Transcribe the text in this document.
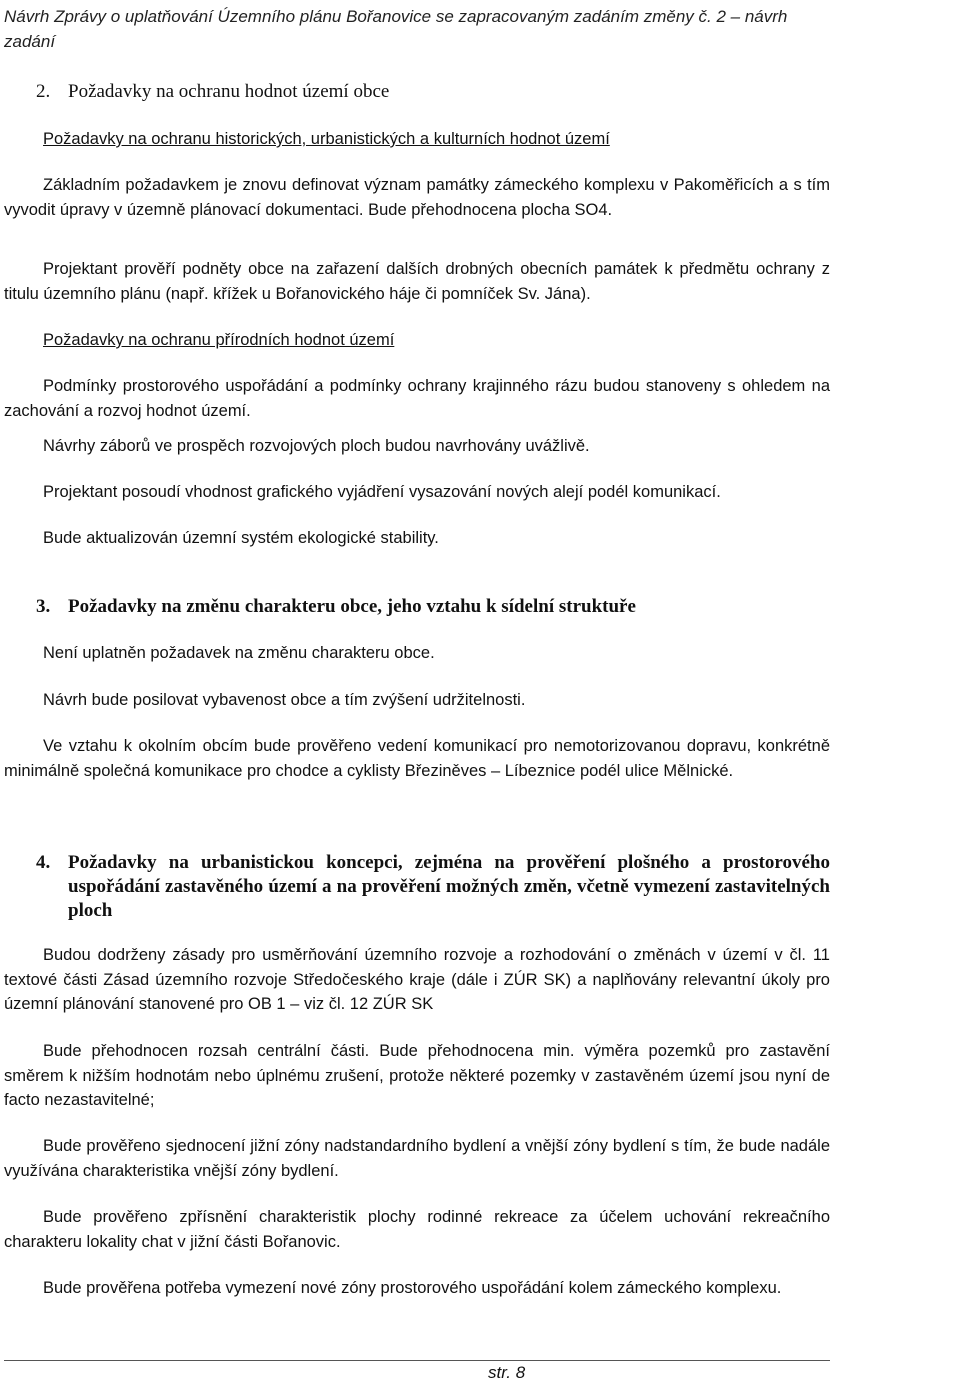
Návrh Zprávy o uplatňování Územního plánu Bořanovice se zapracovaným zadáním změny č. 2 – návrh zadání
2. Požadavky na ochranu hodnot území obce
Požadavky na ochranu historických, urbanistických a kulturních hodnot území
Základním požadavkem je znovu definovat význam památky zámeckého komplexu v Pakoměřicích a s tím vyvodit úpravy v územně plánovací dokumentaci. Bude přehodnocena plocha SO4.
Projektant prověří podněty obce na zařazení dalších drobných obecních památek k předmětu ochrany z titulu územního plánu (např. křížek u Bořanovického háje či pomníček Sv. Jána).
Požadavky na ochranu přírodních hodnot území
Podmínky prostorového uspořádání a podmínky ochrany krajinného rázu budou stanoveny s ohledem na zachování a rozvoj hodnot území.
Návrhy záborů ve prospěch rozvojových ploch budou navrhovány uvážlivě.
Projektant posoudí vhodnost grafického vyjádření vysazování nových alejí podél komunikací.
Bude aktualizován územní systém ekologické stability.
3. Požadavky na změnu charakteru obce, jeho vztahu k sídelní struktuře
Není uplatněn požadavek na změnu charakteru obce.
Návrh bude posilovat vybavenost obce a tím zvýšení udržitelnosti.
Ve vztahu k okolním obcím bude prověřeno vedení komunikací pro nemotorizovanou dopravu, konkrétně minimálně společná komunikace pro chodce a cyklisty Březiněves – Líbeznice podél ulice Mělnické.
4. Požadavky na urbanistickou koncepci, zejména na prověření plošného a prostorového uspořádání zastavěného území a na prověření možných změn, včetně vymezení zastavitelných ploch
Budou dodrženy zásady pro usměrňování územního rozvoje a rozhodování o změnách v území v čl. 11 textové části Zásad územního rozvoje Středočeského kraje (dále i ZÚR SK) a naplňovány relevantní úkoly pro územní plánování stanovené pro OB 1 – viz čl. 12 ZÚR SK
Bude přehodnocen rozsah centrální části. Bude přehodnocena min. výměra pozemků pro zastavění směrem k nižším hodnotám nebo úplnému zrušení, protože některé pozemky v zastavěném území jsou nyní de facto nezastavitelné;
Bude prověřeno sjednocení jižní zóny nadstandardního bydlení a vnější zóny bydlení s tím, že bude nadále využívána charakteristika vnější zóny bydlení.
Bude prověřeno zpřísnění charakteristik plochy rodinné rekreace za účelem uchování rekreačního charakteru lokality chat v jižní části Bořanovic.
Bude prověřena potřeba vymezení nové zóny prostorového uspořádání kolem zámeckého komplexu.
str. 8
